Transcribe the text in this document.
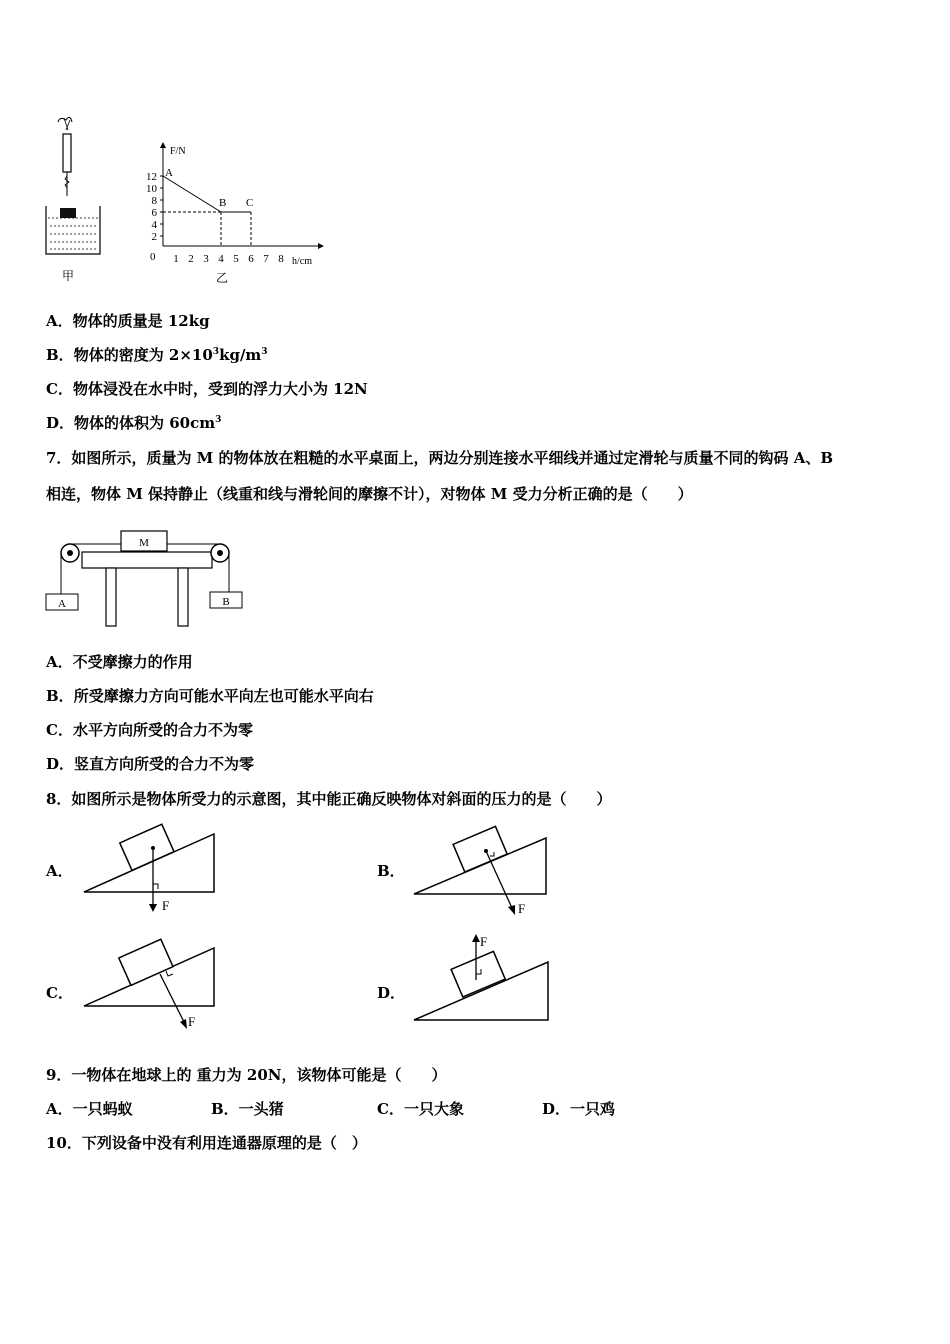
甲
F/N
h/cm
0
12
10
8
6
4
2
1 2 3 4 5 6 7 8
A
B C
乙
A．物体的质量是 12kg
B．物体的密度为 $2\times 10^3kg/m^3$
C．物体浸没在水中时，受到的浮力大小为 12N
D．物体的体积为 $60cm^3$
7．如图所示，质量为 M 的物体放在粗糙的水平桌面上，两边分别连接水平细线并通过定滑轮与质量不同的钩码 A、B
相连，物体 M 保持静止（线重和线与滑轮间的摩擦不计），对物体 M 受力分析正确的是（　　）
M
A	B
A．不受摩擦力的作用
B．所受摩擦力方向可能水平向左也可能水平向右
C．水平方向所受的合力不为零
D．竖直方向所受的合力不为零
8．如图所示是物体所受力的示意图，其中能正确反映物体对斜面的压力的是（　　）
A．
F
B．
F
C．
F
D．
F
9．一物体在地球上的 重力为 20N，该物体可能是（　　）
A．一只蚂蚁	B．一头猪	C．一只大象	D．一只鸡
10．下列设备中没有利用连通器原理的是（　）
